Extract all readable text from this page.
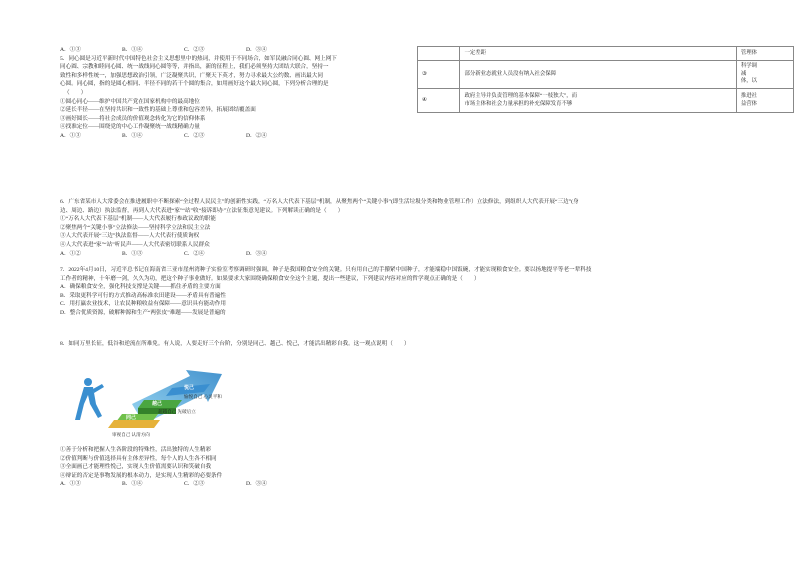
A．①③	B．①④	C．②③	D．③④
5．同心圆是习近平新时代中国特色社会主义思想里中的热词，并使用于不同场合，如军民融合同心圆、网上网下
同心圆、宗教和睦同心圆、统一战线同心圆等等，并指出，新的征程上，我们必须坚持大团结大联合，坚持一
致性和多样性统一，加强思想政治引领，广泛凝聚共识，广聚天下英才，努力寻求最大公约数、画出最大同
心圆。同心圆，指的是圆心相同、半径不同的若干个圆的集合，如用画好这个最大同心圆，下列分析合理的是
（　　）
①圆心同心——维护中国共产党在国家机构中的最高地位
②延长半径——在坚持共识和一致性的基础上尊重和包容差异，拓展团结覆盖面
③画好圆长——将社会成员的价值观念转化为它的信仰体系
④找准定位——围绕党的中心工作凝聚统一战线精确力量
A．①③	B．①④	C．②③	D．②④
6．广东省某市人大常委会在推进履职中不断探索“全过程人民民主”的创新性实践，“万名人大代表下基层”机制，从聚焦两个“关键小事”(即生活垃圾分类和物业管理工作）立法修法，到组织人大代表开展“三边”(身
边、周边、路边）执法监督，再到人大代表进“家”“站”收“接诉即办”立法征集意见建议。下列解读正确的是（　　）
①“万名人大代表下基层”机制——人大代表履行参政议政的职能
②聚焦两个“关键小事”立法修法——坚持科学立法和民主立法
③人大代表开展“三边”执法监督——人大代表行使质询权
④人大代表进“家”“站”听民声——人大代表密切联系人民群众
A．①②	B．①③	C．②④	D．③④
7．2022年4月10日，习近平总书记在海南省三亚市崖州湾种子实验室考察调研时强调，种子是我国粮食安全的关键。只有用自己的手攥紧中国种子，才能端稳中国饭碗，才能实现粮食安全。要以扬地提平等老一辈科技
工作者的精神，十年磨一剑，久久为功，把这个种子事业做好。如果要求大家围绕确保粮食安全这个主题，提出一些建议，下列建议内容对应的哲学观点正确的是（　　）
A．确保粮食安全，强化科技支撑是关键——抓住矛盾的主要方面
B．采取更科学可行的方式推动高标准农田建设——矛盾具有普遍性
C．用打赢农业技术，让农民种粮收益有保障——意识具有能动作用
D．整合优质资源，破解种源和生产“两张皮”难题——发展是普遍的
8．如同万里长征，低谷和逆流在所难免。有人说，人要走好三个台阶，分别是同己、越己、悦己，才能活出精彩自我。这一观点说明（　　）
同己
越己
悦己
审视自己 认清方向
超越自己 先破后立
愉悦自己 心灵平和
①善于分析和把握人生各阶段的特殊性，活出独特的人生精彩
②价值判断与价值选择具有主体差异性，每个人的人生各不相同
③全面画已才能理性悦己，实现人生价值需要认识和笑破自我
④辩证的否定是事物发展的根本动力，是实现人生精彩的必要条件
A．①③	B．①④	C．②③	D．③④
	一定差距	管理体
③	部分新业态就业人员没有纳入社会保障	科学调
减
体，以
④	政府主导并负责管理的基本保障“一枝独大”，而
市场主体和社会力量承担的补充保障发育不够	推进社
益营体
